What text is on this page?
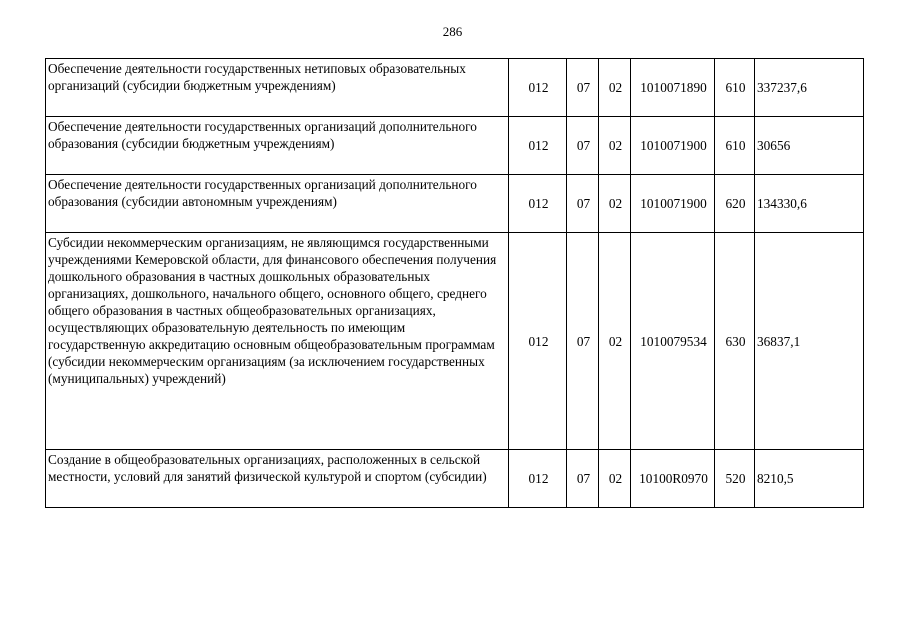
286
Обеспечение деятельности государственных нетиповых образовательных организаций (субсидии бюджетным учреждениям)	012	07	02	1010071890	610	337237,6
Обеспечение деятельности государственных организаций дополнительного образования (субсидии бюджетным учреждениям)	012	07	02	1010071900	610	30656
Обеспечение деятельности государственных организаций дополнительного образования (субсидии автономным учреждениям)	012	07	02	1010071900	620	134330,6
Субсидии некоммерческим организациям, не являющимся государственными учреждениями Кемеровской области, для финансового обеспечения получения дошкольного образования в частных дошкольных образовательных организациях, дошкольного, начального общего, основного общего, среднего общего образования в частных общеобразовательных организациях, осуществляющих образовательную деятельность по имеющим государственную аккредитацию основным общеобразовательным программам (субсидии некоммерческим организациям (за исключением государственных (муниципальных) учреждений)	012	07	02	1010079534	630	36837,1
Создание в общеобразовательных организациях, расположенных в сельской местности, условий для занятий физической культурой и спортом (субсидии)	012	07	02	10100R0970	520	8210,5
